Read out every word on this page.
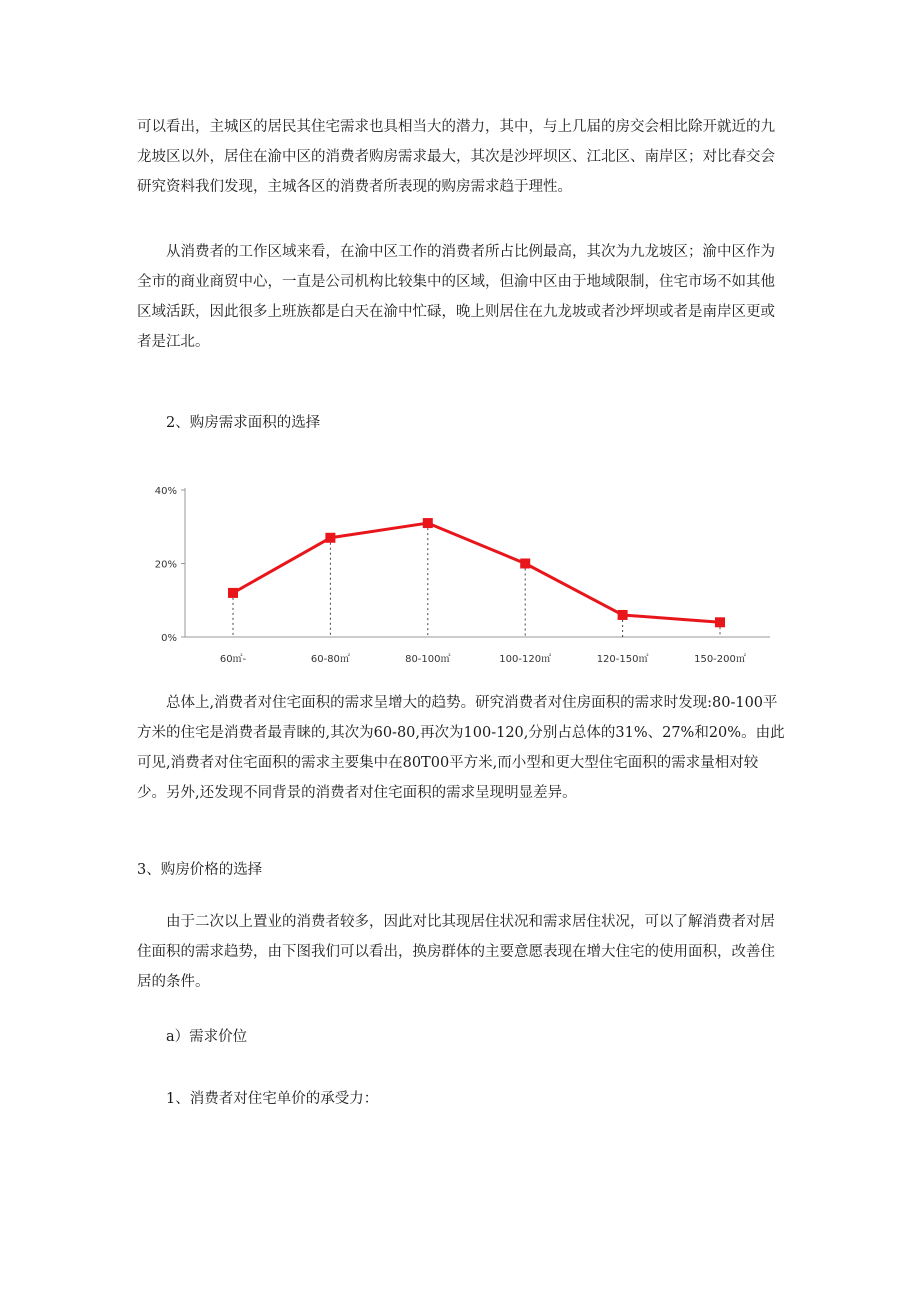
可以看出，主城区的居民其住宅需求也具相当大的潜力，其中，与上几届的房交会相比除开就近的九龙坡区以外，居住在渝中区的消费者购房需求最大，其次是沙坪坝区、江北区、南岸区；对比春交会研究资料我们发现，主城各区的消费者所表现的购房需求趋于理性。

从消费者的工作区域来看，在渝中区工作的消费者所占比例最高，其次为九龙坡区；渝中区作为全市的商业商贸中心，一直是公司机构比较集中的区域，但渝中区由于地域限制，住宅市场不如其他区域活跃，因此很多上班族都是白天在渝中忙碌，晚上则居住在九龙坡或者沙坪坝或者是南岸区更或者是江北。

2、购房需求面积的选择

0%
20%
40%
60㎡-	60-80㎡	80-100㎡	100-120㎡	120-150㎡	150-200㎡

总体上,消费者对住宅面积的需求呈增大的趋势。研究消费者对住房面积的需求时发现:80-100平方米的住宅是消费者最青睐的,其次为60-80,再次为100-120,分别占总体的31%、27%和20%。由此可见,消费者对住宅面积的需求主要集中在80T00平方米,而小型和更大型住宅面积的需求量相对较少。另外,还发现不同背景的消费者对住宅面积的需求呈现明显差异。

3、购房价格的选择

由于二次以上置业的消费者较多，因此对比其现居住状况和需求居住状况，可以了解消费者对居住面积的需求趋势，由下图我们可以看出，换房群体的主要意愿表现在增大住宅的使用面积，改善住居的条件。

a）需求价位

1、消费者对住宅单价的承受力：
